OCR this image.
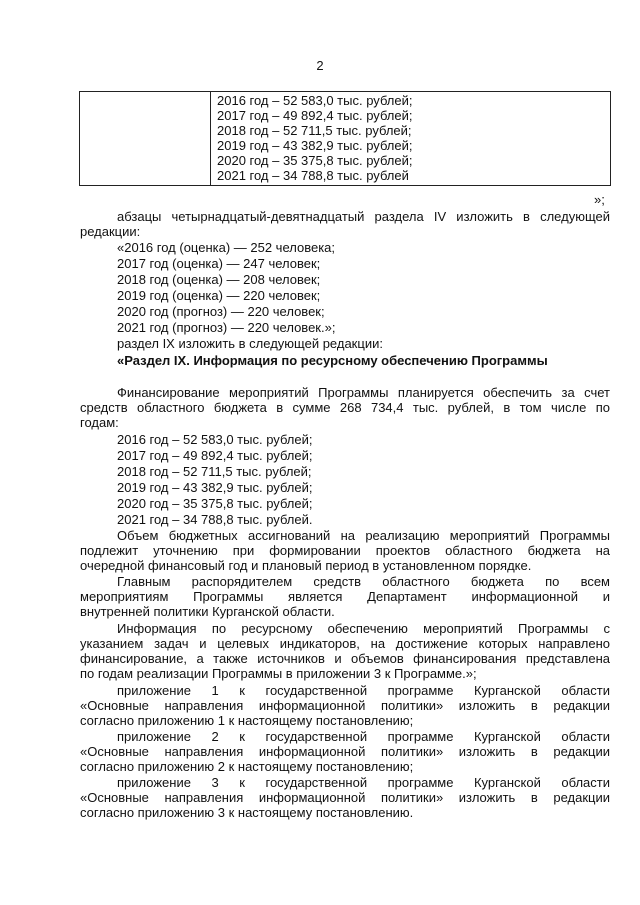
2

2016 год – 52 583,0 тыс. рублей;
2017 год – 49 892,4 тыс. рублей;
2018 год – 52 711,5 тыс. рублей;
2019 год – 43 382,9 тыс. рублей;
2020 год – 35 375,8 тыс. рублей;
2021 год – 34 788,8 тыс. рублей
»;
абзацы четырнадцатый-девятнадцатый раздела IV изложить в следующей
редакции:
«2016 год (оценка) — 252 человека;
2017 год (оценка) — 247 человек;
2018 год (оценка) — 208 человек;
2019 год (оценка) — 220 человек;
2020 год (прогноз) — 220 человек;
2021 год (прогноз) — 220 человек.»;
раздел IX изложить в следующей редакции:
«Раздел IX. Информация по ресурсному обеспечению Программы
Финансирование мероприятий Программы планируется обеспечить за счет
средств областного бюджета в сумме 268 734,4 тыс. рублей, в том числе по
годам:
2016 год – 52 583,0 тыс. рублей;
2017 год – 49 892,4 тыс. рублей;
2018 год – 52 711,5 тыс. рублей;
2019 год – 43 382,9 тыс. рублей;
2020 год – 35 375,8 тыс. рублей;
2021 год – 34 788,8 тыс. рублей.
Объем бюджетных ассигнований на реализацию мероприятий Программы
подлежит уточнению при формировании проектов областного бюджета на
очередной финансовый год и плановый период в установленном порядке.
Главным распорядителем средств областного бюджета по всем
мероприятиям Программы является Департамент информационной и
внутренней политики Курганской области.
Информация по ресурсному обеспечению мероприятий Программы с
указанием задач и целевых индикаторов, на достижение которых направлено
финансирование, а также источников и объемов финансирования представлена
по годам реализации Программы в приложении 3 к Программе.»;
приложение 1 к государственной программе Курганской области
«Основные направления информационной политики» изложить в редакции
согласно приложению 1 к настоящему постановлению;
приложение 2 к государственной программе Курганской области
«Основные направления информационной политики» изложить в редакции
согласно приложению 2 к настоящему постановлению;
приложение 3 к государственной программе Курганской области
«Основные направления информационной политики» изложить в редакции
согласно приложению 3 к настоящему постановлению.
